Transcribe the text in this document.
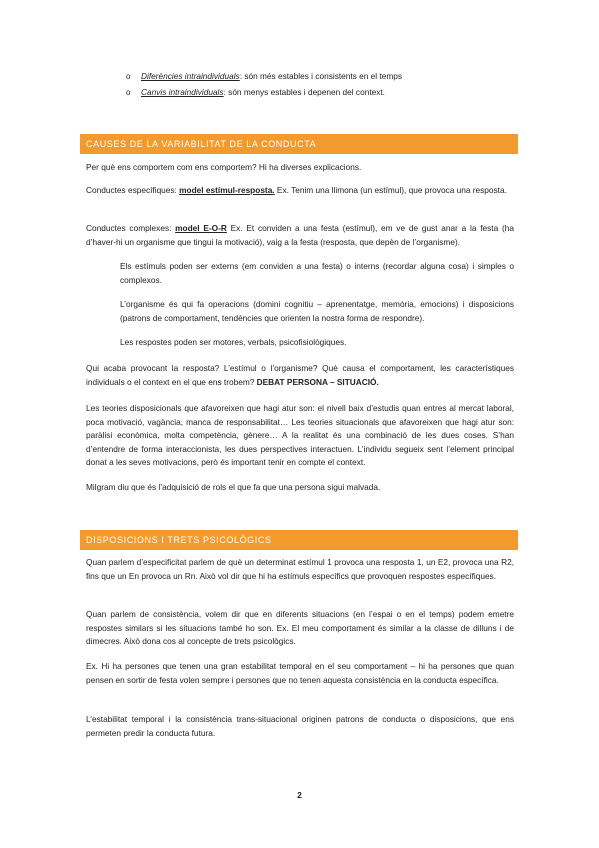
o Diferències intraindividuals: són més estables i consistents en el temps
o Canvis intraindividuals: són menys estables i depenen del context.
CAUSES DE LA VARIABILITAT DE LA CONDUCTA

Per què ens comportem com ens comportem? Hi ha diverses explicacions.

Conductes específiques: model estímul-resposta. Ex. Tenim una llimona (un estímul), que provoca una resposta.

Conductes complexes: model E-O-R Ex. Et conviden a una festa (estímul), em ve de gust anar a la festa (ha d’haver-hi un organisme que tingui la motivació), vaig a la festa (resposta, que depèn de l’organisme).

Els estímuls poden ser externs (em conviden a una festa) o interns (recordar alguna cosa) i simples o complexos.

L’organisme és qui fa operacions (domini cognitiu – aprenentatge, memòria, emocions) i disposicions (patrons de comportament, tendències que orienten la nostra forma de respondre).

Les respostes poden ser motores, verbals, psicofisiològiques.

Qui acaba provocant la resposta? L’estímul o l’organisme? Què causa el comportament, les característiques individuals o el context en el que ens trobem? DEBAT PERSONA – SITUACIÓ.

Les teories disposicionals que afavoreixen que hagi atur son: el nivell baix d’estudis quan entres al mercat laboral, poca motivació, vagància, manca de responsabilitat… Les teories situacionals que afavoreixen que hagi atur son: paràlisi econòmica, molta competència, gènere… A la realitat és una combinació de les dues coses. S’han d’entendre de forma interaccionista, les dues perspectives interactuen. L’individu segueix sent l’element principal donat a les seves motivacions, però és important tenir en compte el context.

Milgram diu que és l’adquisició de rols el que fa que una persona sigui malvada.

DISPOSICIONS I TRETS PSICOLÒGICS

Quan parlem d’especificitat parlem de què un determinat estímul 1 provoca una resposta 1, un E2, provoca una R2, fins que un En provoca un Rn. Això vol dir que hi ha estímuls específics que provoquen respostes específiques.

Quan parlem de consistència, volem dir que en diferents situacions (en l’espai o en el temps) podem emetre respostes similars si les situacions també ho son. Ex. El meu comportament és similar a la classe de dilluns i de dimecres. Això dona cos al concepte de trets psicològics.

Ex. Hi ha persones que tenen una gran estabilitat temporal en el seu comportament – hi ha persones que quan pensen en sortir de festa volen sempre i persones que no tenen aquesta consistència en la conducta específica.

L’estabilitat temporal i la consistència trans-situacional originen patrons de conducta o disposicions, que ens permeten predir la conducta futura.

2
